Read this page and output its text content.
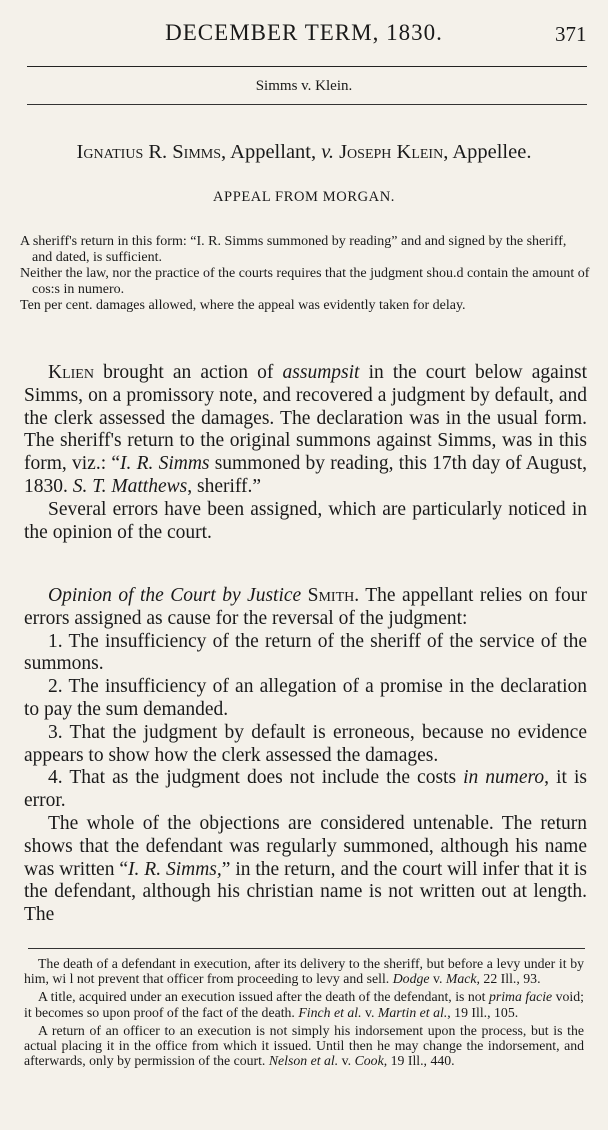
DECEMBER TERM, 1830.	371
Simms v. Klein.
Ignatius R. Simms, Appellant, v. Joseph Klein, Appellee.
APPEAL FROM MORGAN.
A sheriff's return in this form: “I. R. Simms summoned by reading” and and signed by the sheriff, and dated, is sufficient.
Neither the law, nor the practice of the courts requires that the judgment shou.d contain the amount of cos:s in numero.
Ten per cent. damages allowed, where the appeal was evidently taken for delay.

Klien brought an action of assumpsit in the court below against Simms, on a promissory note, and recovered a judgment by default, and the clerk assessed the damages. The declaration was in the usual form. The sheriff's return to the original summons against Simms, was in this form, viz.: “I. R. Simms summoned by reading, this 17th day of August, 1830. S. T. Matthews, sheriff.”

Several errors have been assigned, which are particularly noticed in the opinion of the court.

Opinion of the Court by Justice Smith. The appellant relies on four errors assigned as cause for the reversal of the judgment:

1. The insufficiency of the return of the sheriff of the service of the summons.

2. The insufficiency of an allegation of a promise in the declaration to pay the sum demanded.

3. That the judgment by default is erroneous, because no evidence appears to show how the clerk assessed the damages.

4. That as the judgment does not include the costs in numero, it is error.

The whole of the objections are considered untenable. The return shows that the defendant was regularly summoned, although his name was written “I. R. Simms,” in the return, and the court will infer that it is the defendant, although his christian name is not written out at length. The

The death of a defendant in execution, after its delivery to the sheriff, but before a levy under it by him, wi l not prevent that officer from proceeding to levy and sell. Dodge v. Mack, 22 Ill., 93.

A title, acquired under an execution issued after the death of the defendant, is not prima facie void; it becomes so upon proof of the fact of the death. Finch et al. v. Martin et al., 19 Ill., 105.

A return of an officer to an execution is not simply his indorsement upon the process, but is the actual placing it in the office from which it issued. Until then he may change the indorsement, and afterwards, only by permission of the court. Nelson et al. v. Cook, 19 Ill., 440.
